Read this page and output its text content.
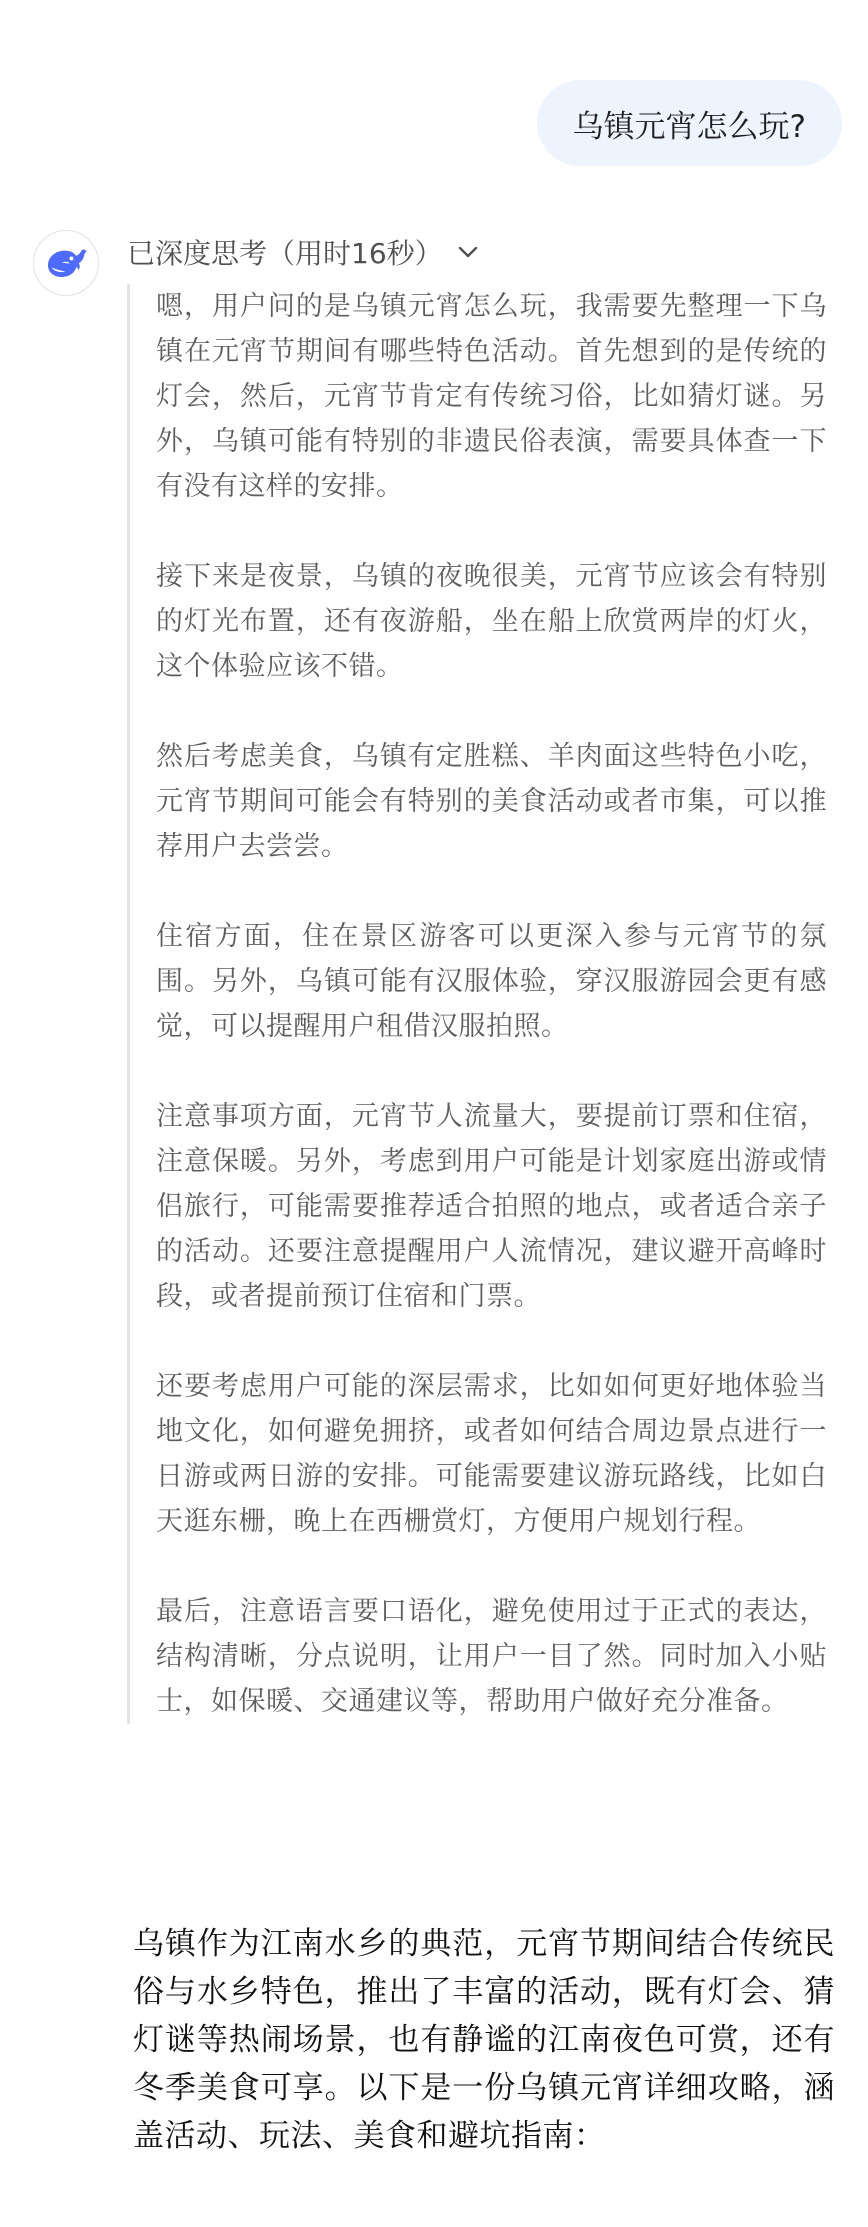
乌镇元宵怎么玩?
已深度思考（用时16秒）

嗯，用户问的是乌镇元宵怎么玩，我需要先整理一下乌镇在元宵节期间有哪些特色活动。首先想到的是传统的灯会，然后，元宵节肯定有传统习俗，比如猜灯谜。另外，乌镇可能有特别的非遗民俗表演，需要具体查一下有没有这样的安排。

接下来是夜景，乌镇的夜晚很美，元宵节应该会有特别的灯光布置，还有夜游船，坐在船上欣赏两岸的灯火，这个体验应该不错。

然后考虑美食，乌镇有定胜糕、羊肉面这些特色小吃，元宵节期间可能会有特别的美食活动或者市集，可以推荐用户去尝尝。

住宿方面，住在景区游客可以更深入参与元宵节的氛围。另外，乌镇可能有汉服体验，穿汉服游园会更有感觉，可以提醒用户租借汉服拍照。

注意事项方面，元宵节人流量大，要提前订票和住宿，注意保暖。另外，考虑到用户可能是计划家庭出游或情侣旅行，可能需要推荐适合拍照的地点，或者适合亲子的活动。还要注意提醒用户人流情况，建议避开高峰时段，或者提前预订住宿和门票。

还要考虑用户可能的深层需求，比如如何更好地体验当地文化，如何避免拥挤，或者如何结合周边景点进行一日游或两日游的安排。可能需要建议游玩路线，比如白天逛东栅，晚上在西栅赏灯，方便用户规划行程。

最后，注意语言要口语化，避免使用过于正式的表达，结构清晰，分点说明，让用户一目了然。同时加入小贴士，如保暖、交通建议等，帮助用户做好充分准备。

乌镇作为江南水乡的典范，元宵节期间结合传统民俗与水乡特色，推出了丰富的活动，既有灯会、猜灯谜等热闹场景，也有静谧的江南夜色可赏，还有冬季美食可享。以下是一份乌镇元宵详细攻略，涵盖活动、玩法、美食和避坑指南：
